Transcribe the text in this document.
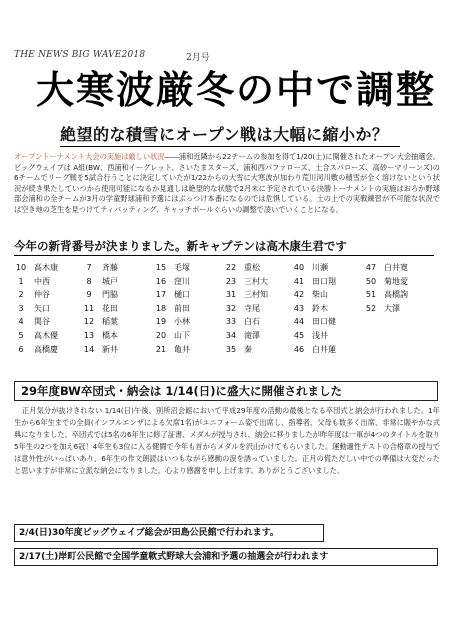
THE NEWS BIG WAVE2018	2月号
大寒波厳冬の中で調整
絶望的な積雪にオープン戦は大幅に縮小か？
オープントーナメント大会の実施は厳しい状況――浦和近隣から22チームの参加を得て1/20(土)に開催されたオープン大会抽選会。ビッグウェイブは A組(BW、西浦和イーグレット、さいたまスターズ、浦和西パファローズ、土合スパローズ、高砂ーマリーンズ)の6チームでリーグ戦を5試合行うことに決定していたが1/22からの大雪に大寒波が加わり荒川河川敷の積雪が全く溶けないという状況が続き果たしていつから使用可能になるか見通しは絶望的な状態で2月末に予定されている決勝トーナメントの実施はおろか野球部会浦和の全チームが3月の学童野球浦和予選にはぶっつけ本番になるのでは危惧している。土の上での実戦練習が不可能な状況では空き地の芝生を見つけてティバッティング、キャッチボールぐらいの調整で凌いでいくことになる。
今年の新背番号が決まりました。新キャプテンは高木康生君です
10 高木康	7	斉藤	15 毛塚	22 重松	40 川瀬	47 白井寛
1	中西	8	城戸	16 窪川	23 三村大	41 田口翔	50 菊地愛
2	仲谷	9	門脇	17 樋口	31 三村知	42 柴山	51 高橋詢
3	矢口	11 花田	18 前田	32 寺尾	43 鈴木	52 大澤
4	関谷	12 稲葉	19 小林	33 白石	44 田口健
5	高木優	13 橋本	20 山下	34 滝澤	45 浅井
6	高橋慶	14 新井	21 亀井	35 秦	46 白井蓮
29年度BW卒団式・納会は 1/14(日)に盛大に開催されました
正月気分が抜けきれない 1/14(日)午後、別所沼会館において平成29年度の活動の最後となる卒団式と納会が行われました。1年生から6年生までの全員(インフルエンザによる欠席1名)がユニフォーム姿で出席し、指導者、父母も数多く出席、非常に賑やかな式典になりました。卒団式では5名の6年生に修了証書、メダルが授与され、納会に移りましたが昨年度は一軍が4つのタイトルを取り5年生の2つを加え6冠！4年生も3位に入る健闘で今年も首からメダルを沢山かけてもらいました。運動適性テストの合格章の授与では意外性がいっぱいあり、6年生の作文朗読はいつもながら感動の涙を誘っていました。正月の慌ただしい中での準備は大変だったと思いますが非常に立派な納会になりました。心より感謝を申し上げます。ありがとうございました。
2/4(日)30年度ビッグウェイブ総会が田島公民館で行われます。
2/17(土)岸町公民館で全国学童軟式野球大会浦和予選の抽選会が行われます
